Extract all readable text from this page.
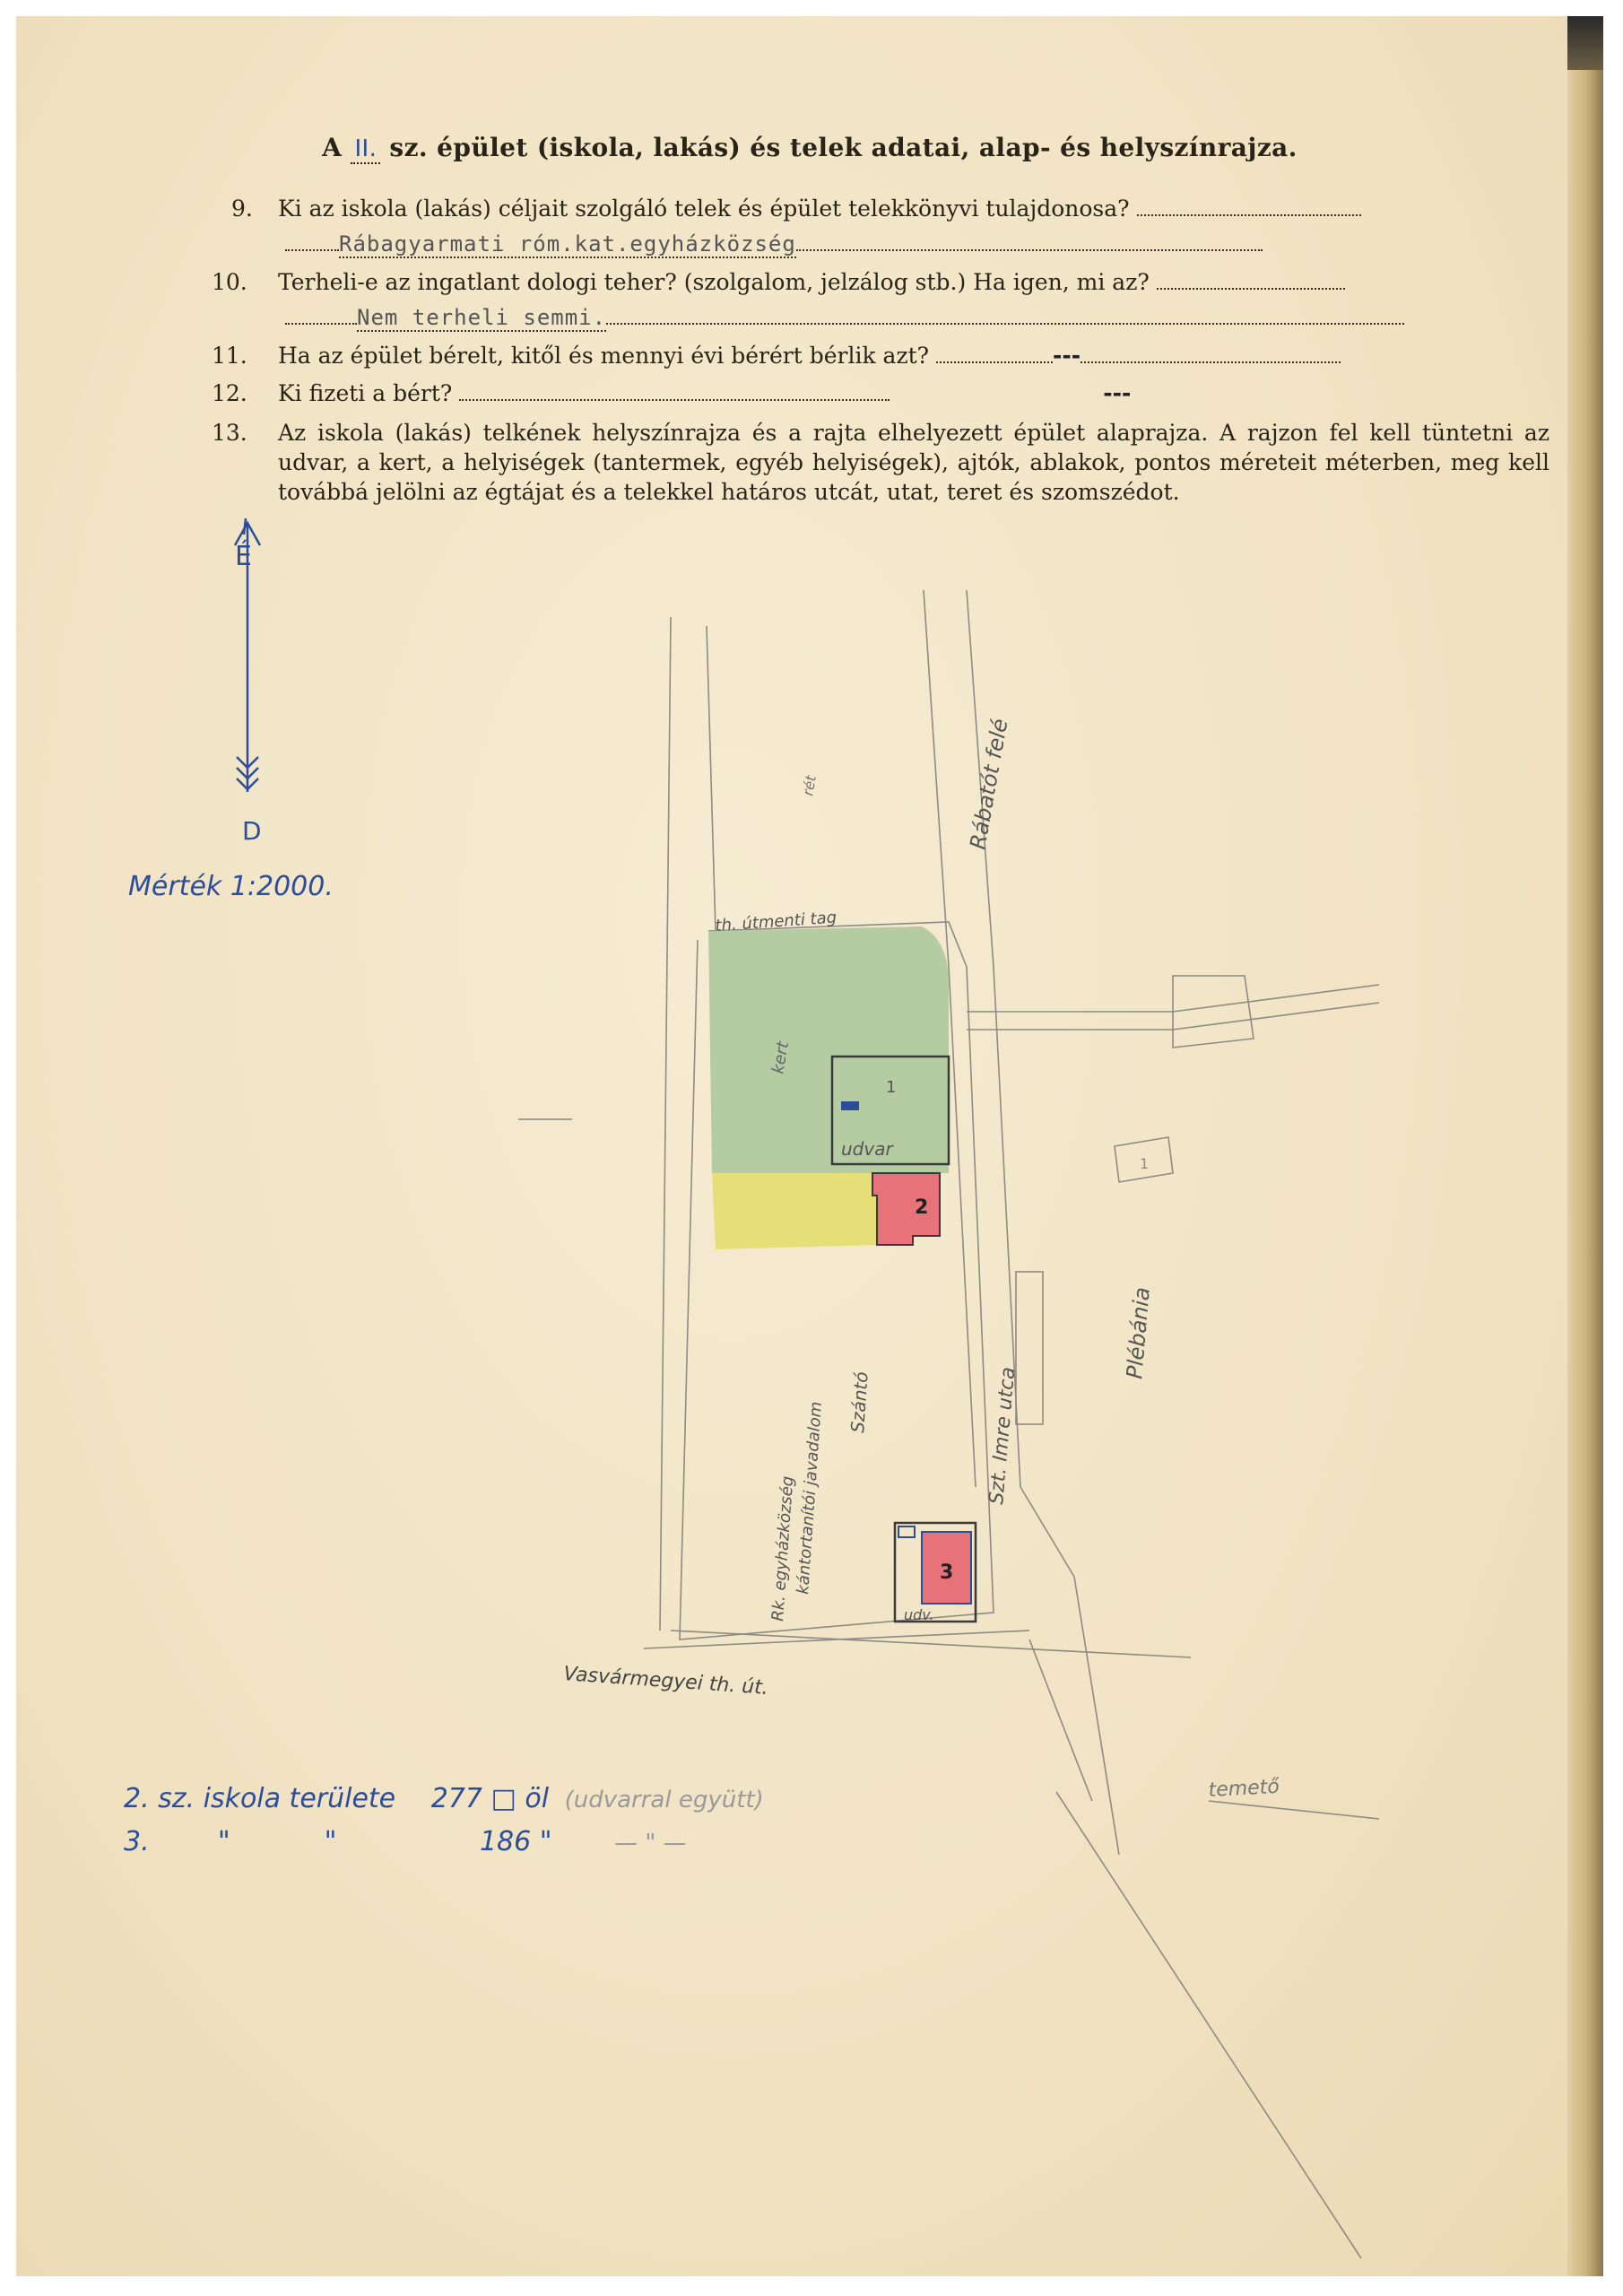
A II. sz. épület (iskola, lakás) és telek adatai, alap- és helyszínrajza.
9. Ki az iskola (lakás) céljait szolgáló telek és épület telekkönyvi tulajdonosa?
Rábagyarmati róm.kat.egyházközség
10. Terheli-e az ingatlant dologi teher? (szolgalom, jelzálog stb.) Ha igen, mi az?
Nem terheli semmi.
11. Ha az épület bérelt, kitől és mennyi évi bérért bérlik azt?	---
12. Ki fizeti a bért?	---
13. Az iskola (lakás) telkének helyszínrajza és a rajta elhelyezett épület alaprajza. A rajzon fel kell tüntetni az udvar, a kert, a helyiségek (tantermek, egyéb helyiségek), ajtók, ablakok, pontos méreteit méterben, meg kell továbbá jelölni az égtájat és a telekkel határos utcát, utat, teret és szomszédot.
É
D
Mérték 1:2000.
udvar
1
2
3
udv.
1
kert
Rábatót felé
Szt. Imre utca
Plébánia
Rk. egyházközség
kántortanítói javadalom Szántó
rét
th. útmenti tag
Vasvármegyei th. út.
temető
2. sz. iskola területe 277 □ öl (udvarral együtt)
3.        "           "	186 "	— " —
